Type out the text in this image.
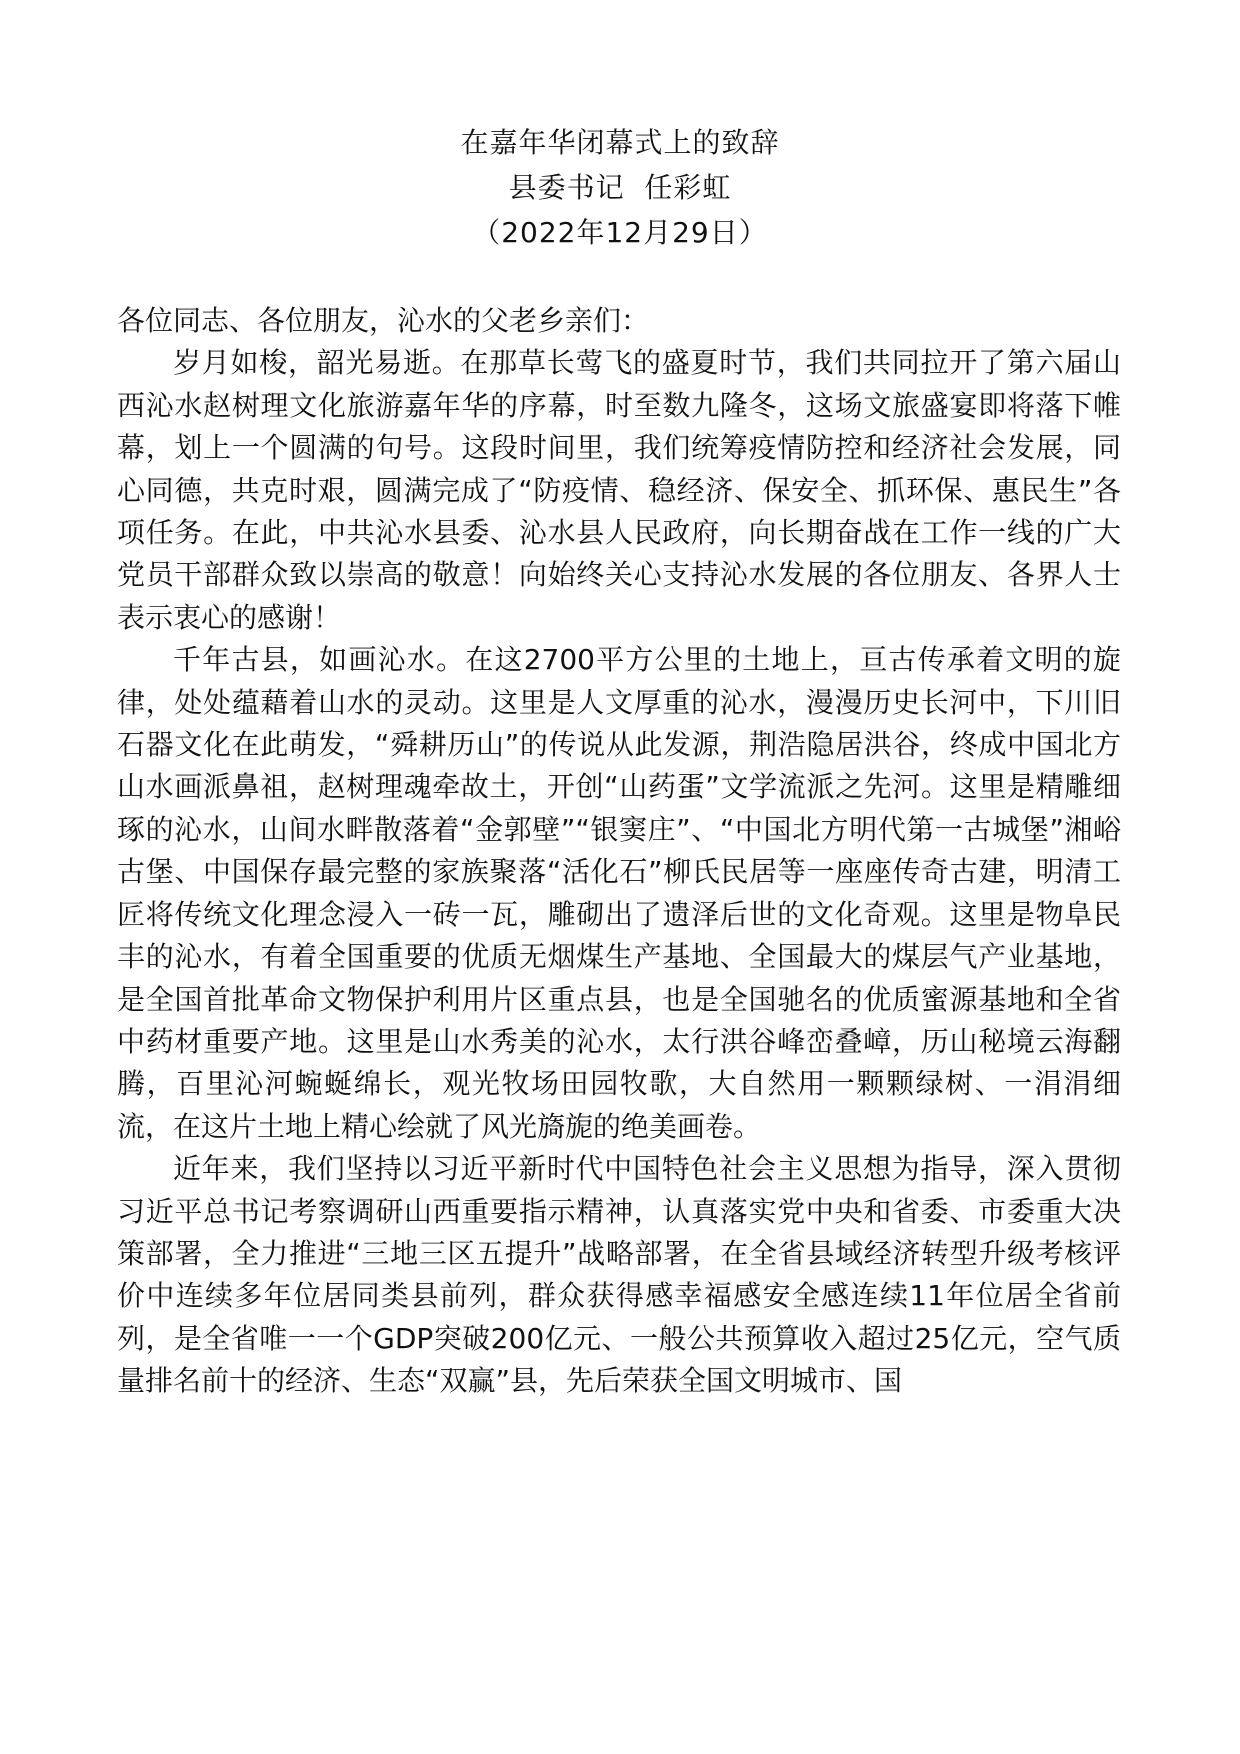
在嘉年华闭幕式上的致辞
县委书记  任彩虹
（2022年12月29日）

各位同志、各位朋友，沁水的父老乡亲们：

岁月如梭，韶光易逝。在那草长莺飞的盛夏时节，我们共同拉开了第六届山西沁水赵树理文化旅游嘉年华的序幕，时至数九隆冬，这场文旅盛宴即将落下帷幕，划上一个圆满的句号。这段时间里，我们统筹疫情防控和经济社会发展，同心同德，共克时艰，圆满完成了“防疫情、稳经济、保安全、抓环保、惠民生”各项任务。在此，中共沁水县委、沁水县人民政府，向长期奋战在工作一线的广大党员干部群众致以崇高的敬意！向始终关心支持沁水发展的各位朋友、各界人士表示衷心的感谢！

千年古县，如画沁水。在这2700平方公里的土地上，亘古传承着文明的旋律，处处蕴藉着山水的灵动。这里是人文厚重的沁水，漫漫历史长河中，下川旧石器文化在此萌发，“舜耕历山”的传说从此发源，荆浩隐居洪谷，终成中国北方山水画派鼻祖，赵树理魂牵故土，开创“山药蛋”文学流派之先河。这里是精雕细琢的沁水，山间水畔散落着“金郭壁”“银窦庄”、“中国北方明代第一古城堡”湘峪古堡、中国保存最完整的家族聚落“活化石”柳氏民居等一座座传奇古建，明清工匠将传统文化理念浸入一砖一瓦，雕砌出了遗泽后世的文化奇观。这里是物阜民丰的沁水，有着全国重要的优质无烟煤生产基地、全国最大的煤层气产业基地，是全国首批革命文物保护利用片区重点县，也是全国驰名的优质蜜源基地和全省中药材重要产地。这里是山水秀美的沁水，太行洪谷峰峦叠嶂，历山秘境云海翻腾，百里沁河蜿蜒绵长，观光牧场田园牧歌，大自然用一颗颗绿树、一涓涓细流，在这片土地上精心绘就了风光旖旎的绝美画卷。

近年来，我们坚持以习近平新时代中国特色社会主义思想为指导，深入贯彻习近平总书记考察调研山西重要指示精神，认真落实党中央和省委、市委重大决策部署，全力推进“三地三区五提升”战略部署，在全省县域经济转型升级考核评价中连续多年位居同类县前列，群众获得感幸福感安全感连续11年位居全省前列，是全省唯一一个GDP突破200亿元、一般公共预算收入超过25亿元，空气质量排名前十的经济、生态“双赢”县，先后荣获全国文明城市、国
